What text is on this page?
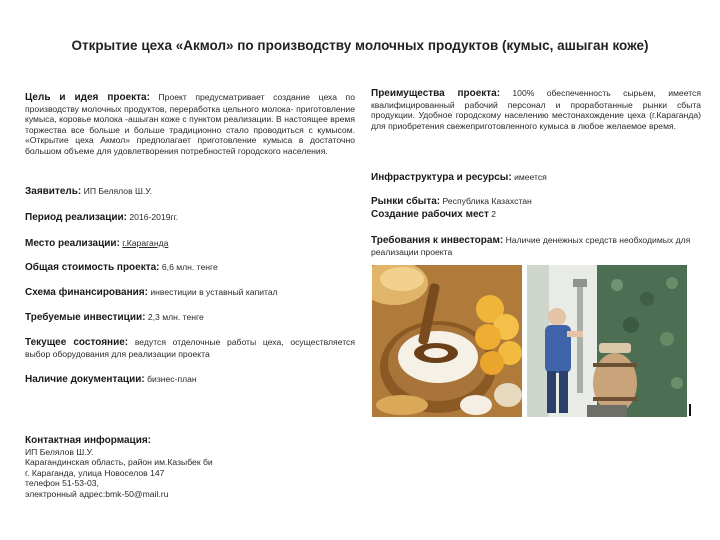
Открытие цеха «Акмол» по производству молочных продуктов (кумыс, ашыган коже)
Цель и идея проекта: Проект предусматривает создание цеха по производству молочных продуктов, переработка цельного молока- приготовление кумыса, коровье молока -ашыган коже с пунктом реализации. В настоящее время торжества все больше и больше традиционно стало проводиться с кумысом. «Открытие цеха Акмол» предполагает приготовление кумыса в достаточно большом объеме для удовлетворения потребностей городского населения.
Заявитель: ИП Белялов Ш.У.
Период реализации: 2016-2019гг.
Место реализации: г.Караганда
Общая стоимость проекта: 6,6 млн. тенге
Схема финансирования: инвестиции в уставный капитал
Требуемые инвестиции: 2,3 млн. тенге
Текущее состояние: ведутся отделочные работы цеха, осуществляется выбор оборудования для реализации проекта
Наличие документации: бизнес-план
Преимущества проекта: 100% обеспеченность сырьем, имеется квалифицированный рабочий персонал и проработанные рынки сбыта продукции. Удобное городскому населению местонахождение цеха (г.Караганда) для приобретения свежеприготовленного кумыса в любое желаемое время.
Инфраструктура и ресурсы: имеется
Рынки сбыта: Республика Казахстан
Создание рабочих мест 2
Требования к инвесторам: Наличие денежных средств необходимых для реализации проекта
Контактная информация:
ИП Белялов Ш.У.
Карагандинская область, район им.Казыбек би
г. Караганда, улица Новоселов 147
телефон 51-53-03,
электронный адрес:bmk-50@mail.ru
